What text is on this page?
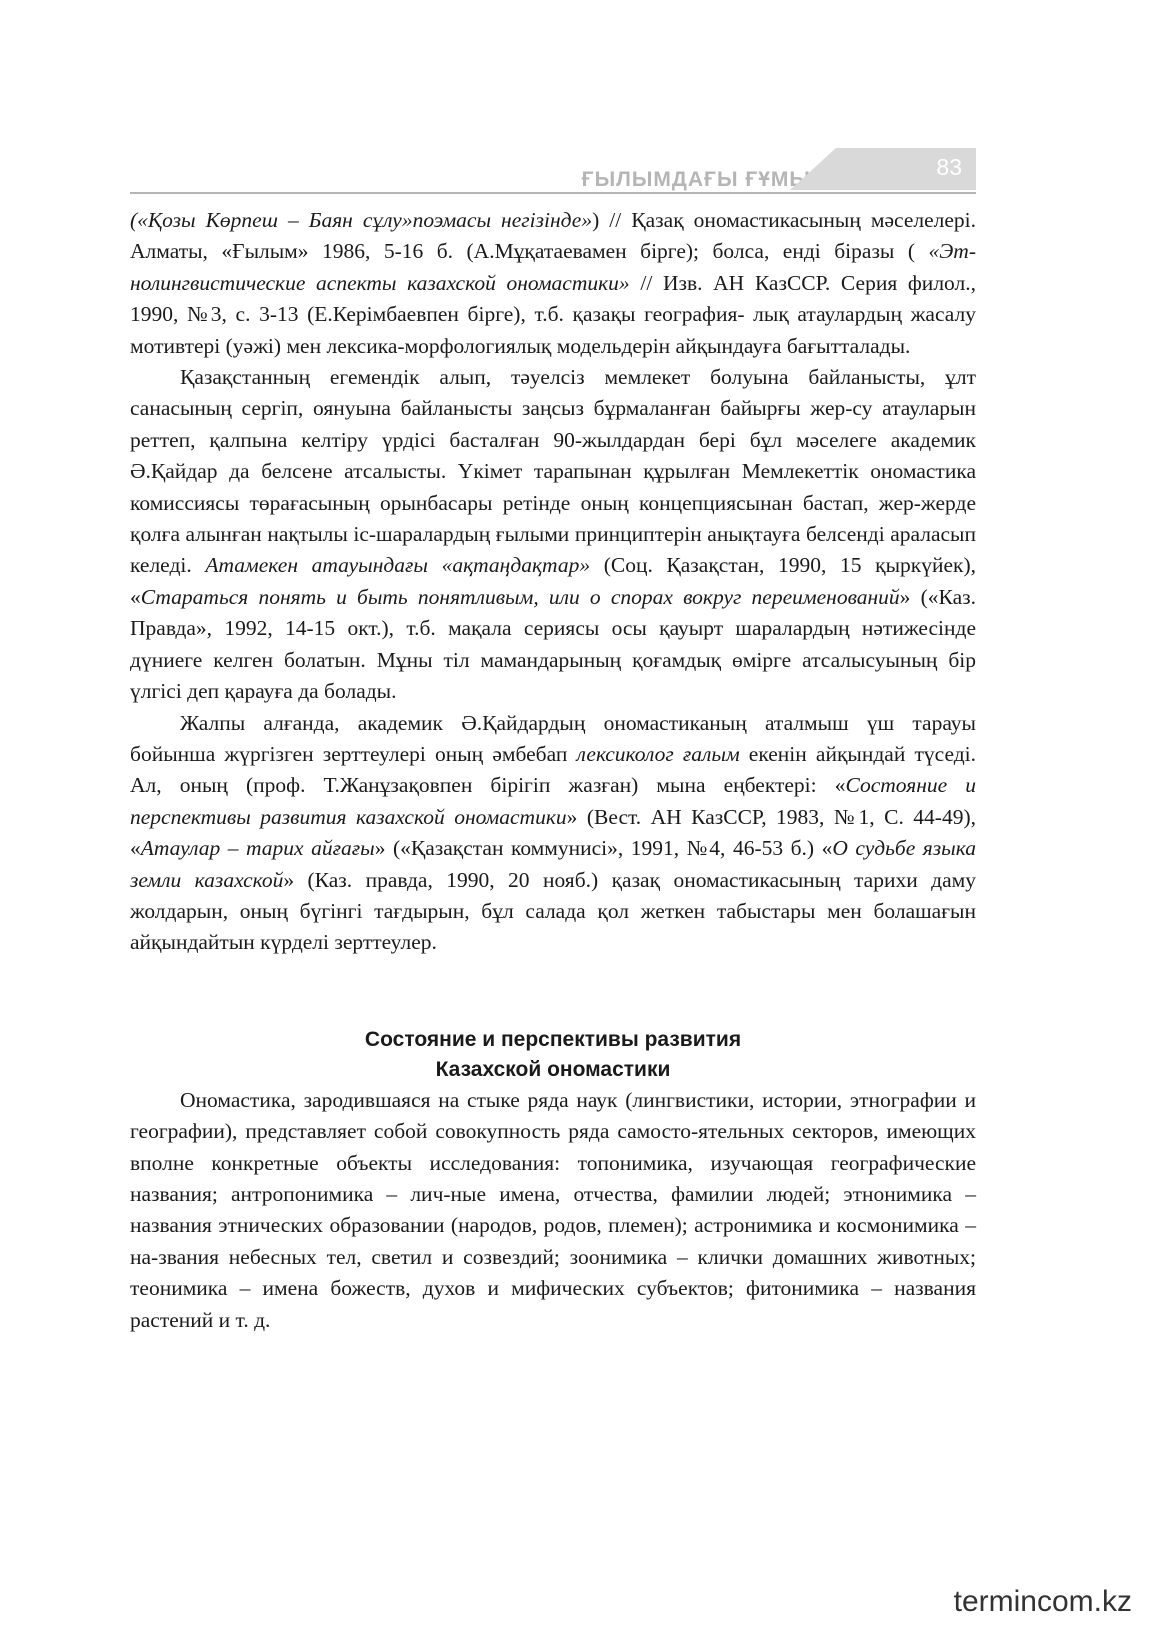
ҒЫЛЫМДАҒЫ ҒҰМЫР	83

(«Қозы Көрпеш – Баян сұлу»поэмасы негізінде») // Қазақ ономастикасының мәселелері. Алматы, «Ғылым» 1986, 5-16 б. (А.Мұқатаевамен бірге); болса, енді біразы ( «Эт-нолингвистические аспекты казахской ономастики» // Изв. АН КазССР. Серия филол., 1990, №3, с. 3-13 (Е.Керімбаевпен бірге), т.б. қазақы география- лық атаулардың жасалу мотивтері (уәжі) мен лексика-морфологиялық модельдерін айқындауға бағытталады.

Қазақстанның егемендік алып, тәуелсіз мемлекет болуына байланысты, ұлт санасының сергіп, оянуына байланысты заңсыз бұрмаланған байырғы жер-су атауларын реттеп, қалпына келтіру үрдісі басталған 90-жылдардан бері бұл мәселеге академик Ә.Қайдар да белсене атсалысты. Үкімет тарапынан құрылған Мемлекеттік ономастика комиссиясы төрағасының орынбасары ретінде оның концепциясынан бастап, жер-жерде қолға алынған нақтылы іс-шаралардың ғылыми принциптерін анықтауға белсенді араласып келеді. Атамекен атауындағы «ақтаңдақтар» (Соц. Қазақстан, 1990, 15 қыркүйек), «Стараться понять и быть понятливым, или о спорах вокруг переименований» («Каз. Правда», 1992, 14-15 окт.), т.б. мақала сериясы осы қауырт шаралардың нәтижесінде дүниеге келген болатын. Мұны тіл мамандарының қоғамдық өмірге атсалысуының бір үлгісі деп қарауға да болады.

Жалпы алғанда, академик Ә.Қайдардың ономастиканың аталмыш үш тарауы бойынша жүргізген зерттеулері оның әмбебап лексиколог ғалым екенін айқындай түседі. Ал, оның (проф. Т.Жанұзақовпен бірігіп жазған) мына еңбектері: «Состояние и перспективы развития казахской ономастики» (Вест. АН КазССР, 1983, №1, С. 44-49), «Атаулар – тарих айғағы» («Қазақстан коммунисі», 1991, №4, 46-53 б.) «О судьбе языка земли казахской» (Каз. правда, 1990, 20 нояб.) қазақ ономастикасының тарихи даму жолдарын, оның бүгінгі тағдырын, бұл салада қол жеткен табыстары мен болашағын айқындайтын күрделі зерттеулер.

Состояние и перспективы развития
Казахской ономастики

Ономастика, зародившаяся на стыке ряда наук (лингвистики, истории, этнографии и географии), представляет собой совокупность ряда самосто-ятельных секторов, имеющих вполне конкретные объекты исследования: топонимика, изучающая географические названия; антропонимика – лич-ные имена, отчества, фамилии людей; этнонимика – названия этнических образовании (народов, родов, племен); астронимика и космонимика – на-звания небесных тел, светил и созвездий; зоонимика – клички домашних животных; теонимика – имена божеств, духов и мифических субъектов; фитонимика – названия растений и т. д.

termincom.kz
